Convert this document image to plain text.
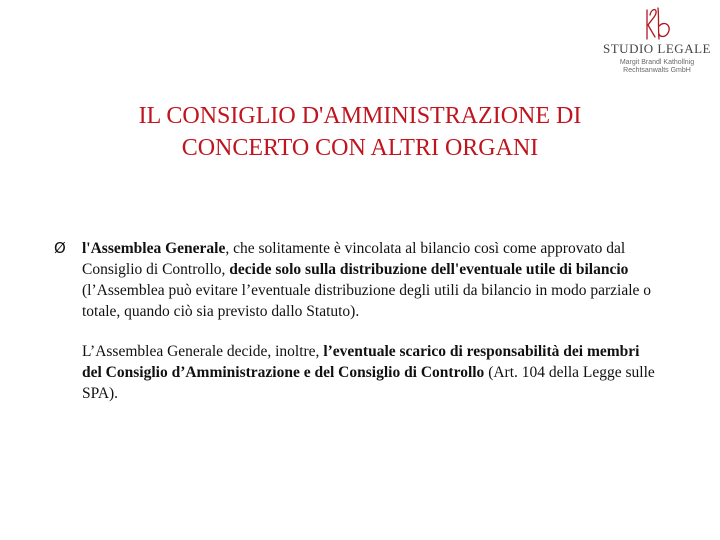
STUDIO LEGALE
Margit Brandl Kathollnig
Rechtsanwalts GmbH
IL CONSIGLIO D'AMMINISTRAZIONE DI
CONCERTO CON ALTRI ORGANI
Ø l'Assemblea Generale, che solitamente è vincolata al bilancio così come approvato dal Consiglio di Controllo, decide solo sulla distribuzione dell'eventuale utile di bilancio (l’Assemblea può evitare l’eventuale distribuzione degli utili da bilancio in modo parziale o totale, quando ciò sia previsto dallo Statuto).
L’Assemblea Generale decide, inoltre, l’eventuale scarico di responsabilità dei membri del Consiglio d’Amministrazione e del Consiglio di Controllo (Art. 104 della Legge sulle SPA).
